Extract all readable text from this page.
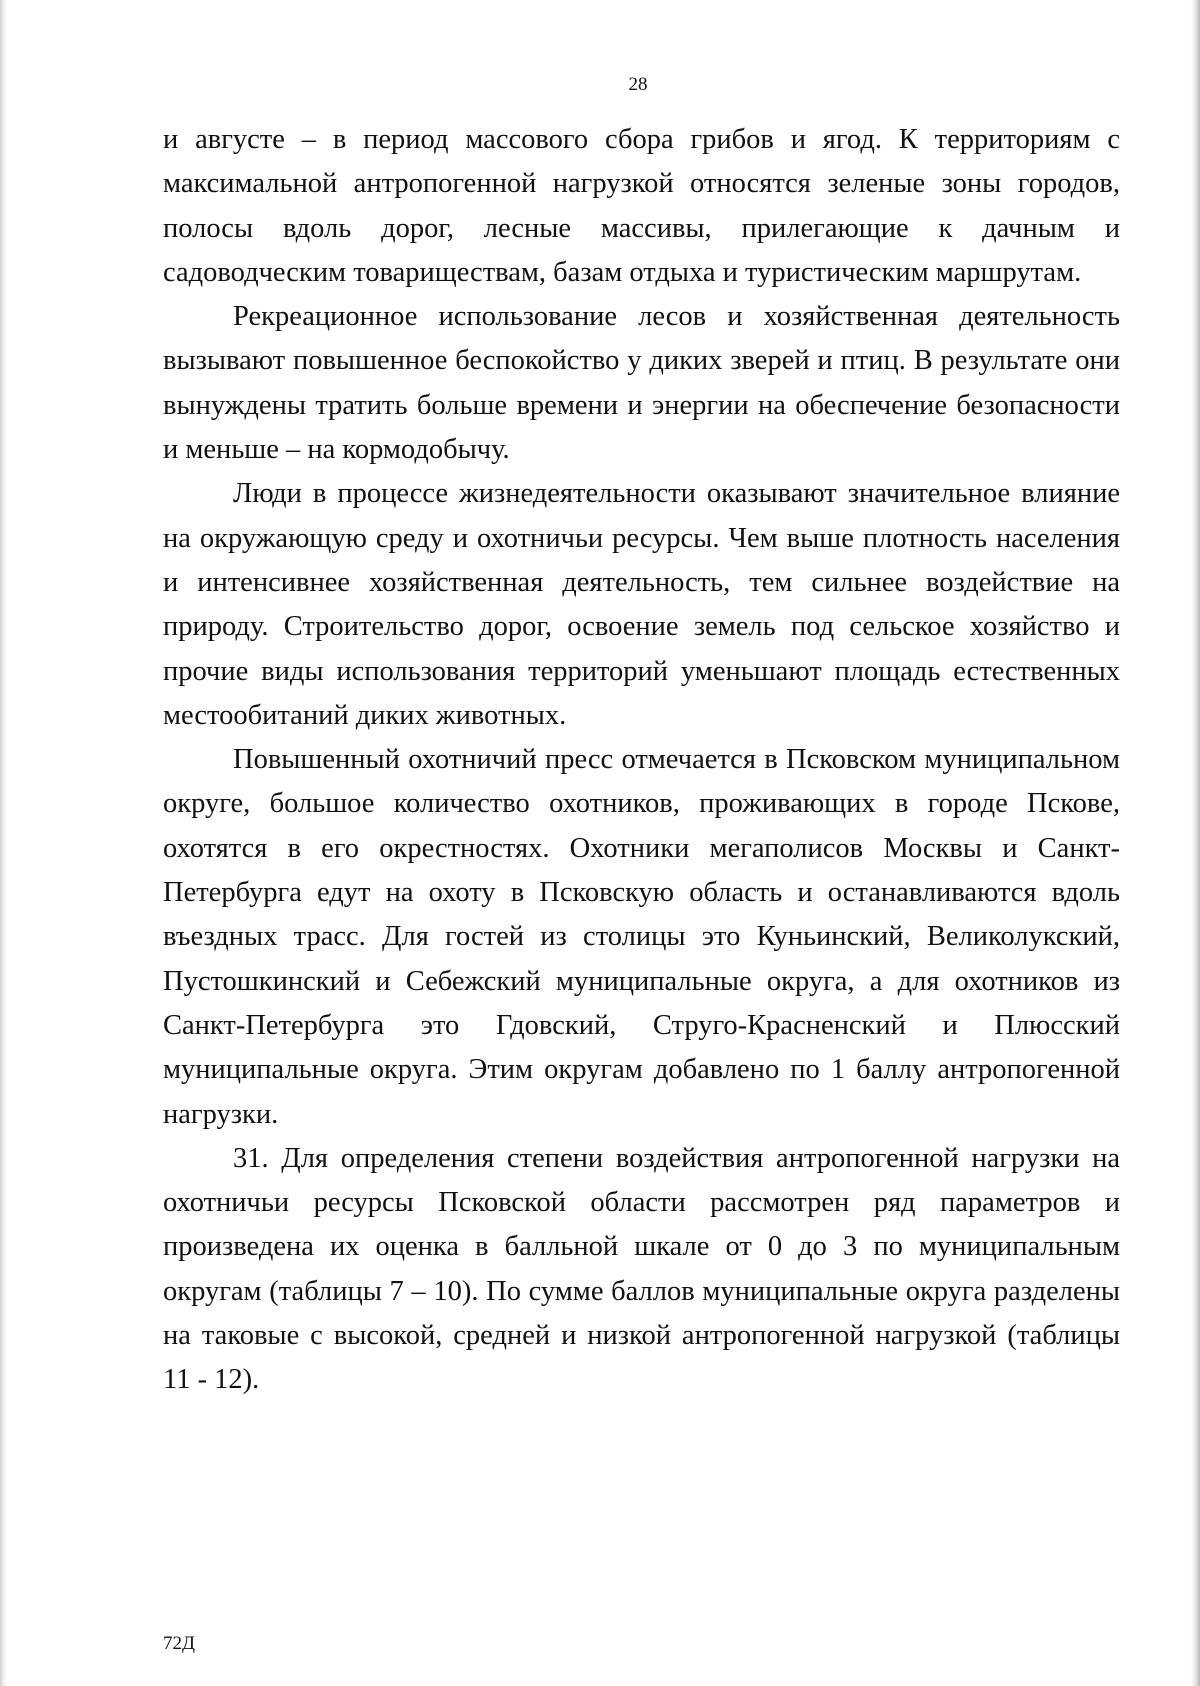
28

и августе – в период массового сбора грибов и ягод. К территориям с максимальной антропогенной нагрузкой относятся зеленые зоны городов, полосы вдоль дорог, лесные массивы, прилегающие к дачным и садоводческим товариществам, базам отдыха и туристическим маршрутам.

Рекреационное использование лесов и хозяйственная деятельность вызывают повышенное беспокойство у диких зверей и птиц. В результате они вынуждены тратить больше времени и энергии на обеспечение безопасности и меньше – на кормодобычу.

Люди в процессе жизнедеятельности оказывают значительное влияние на окружающую среду и охотничьи ресурсы. Чем выше плотность населения и интенсивнее хозяйственная деятельность, тем сильнее воздействие на природу. Строительство дорог, освоение земель под сельское хозяйство и прочие виды использования территорий уменьшают площадь естественных местообитаний диких животных.

Повышенный охотничий пресс отмечается в Псковском муниципальном округе, большое количество охотников, проживающих в городе Пскове, охотятся в его окрестностях. Охотники мегаполисов Москвы и Санкт-Петербурга едут на охоту в Псковскую область и останавливаются вдоль въездных трасс. Для гостей из столицы это Куньинский, Великолукский, Пустошкинский и Себежский муниципальные округа, а для охотников из Санкт-Петербурга это Гдовский, Струго-Красненский и Плюсский муниципальные округа. Этим округам добавлено по 1 баллу антропогенной нагрузки.

31. Для определения степени воздействия антропогенной нагрузки на охотничьи ресурсы Псковской области рассмотрен ряд параметров и произведена их оценка в балльной шкале от 0 до 3 по муниципальным округам (таблицы 7 – 10). По сумме баллов муниципальные округа разделены на таковые с высокой, средней и низкой антропогенной нагрузкой (таблицы 11 - 12).

72Д
